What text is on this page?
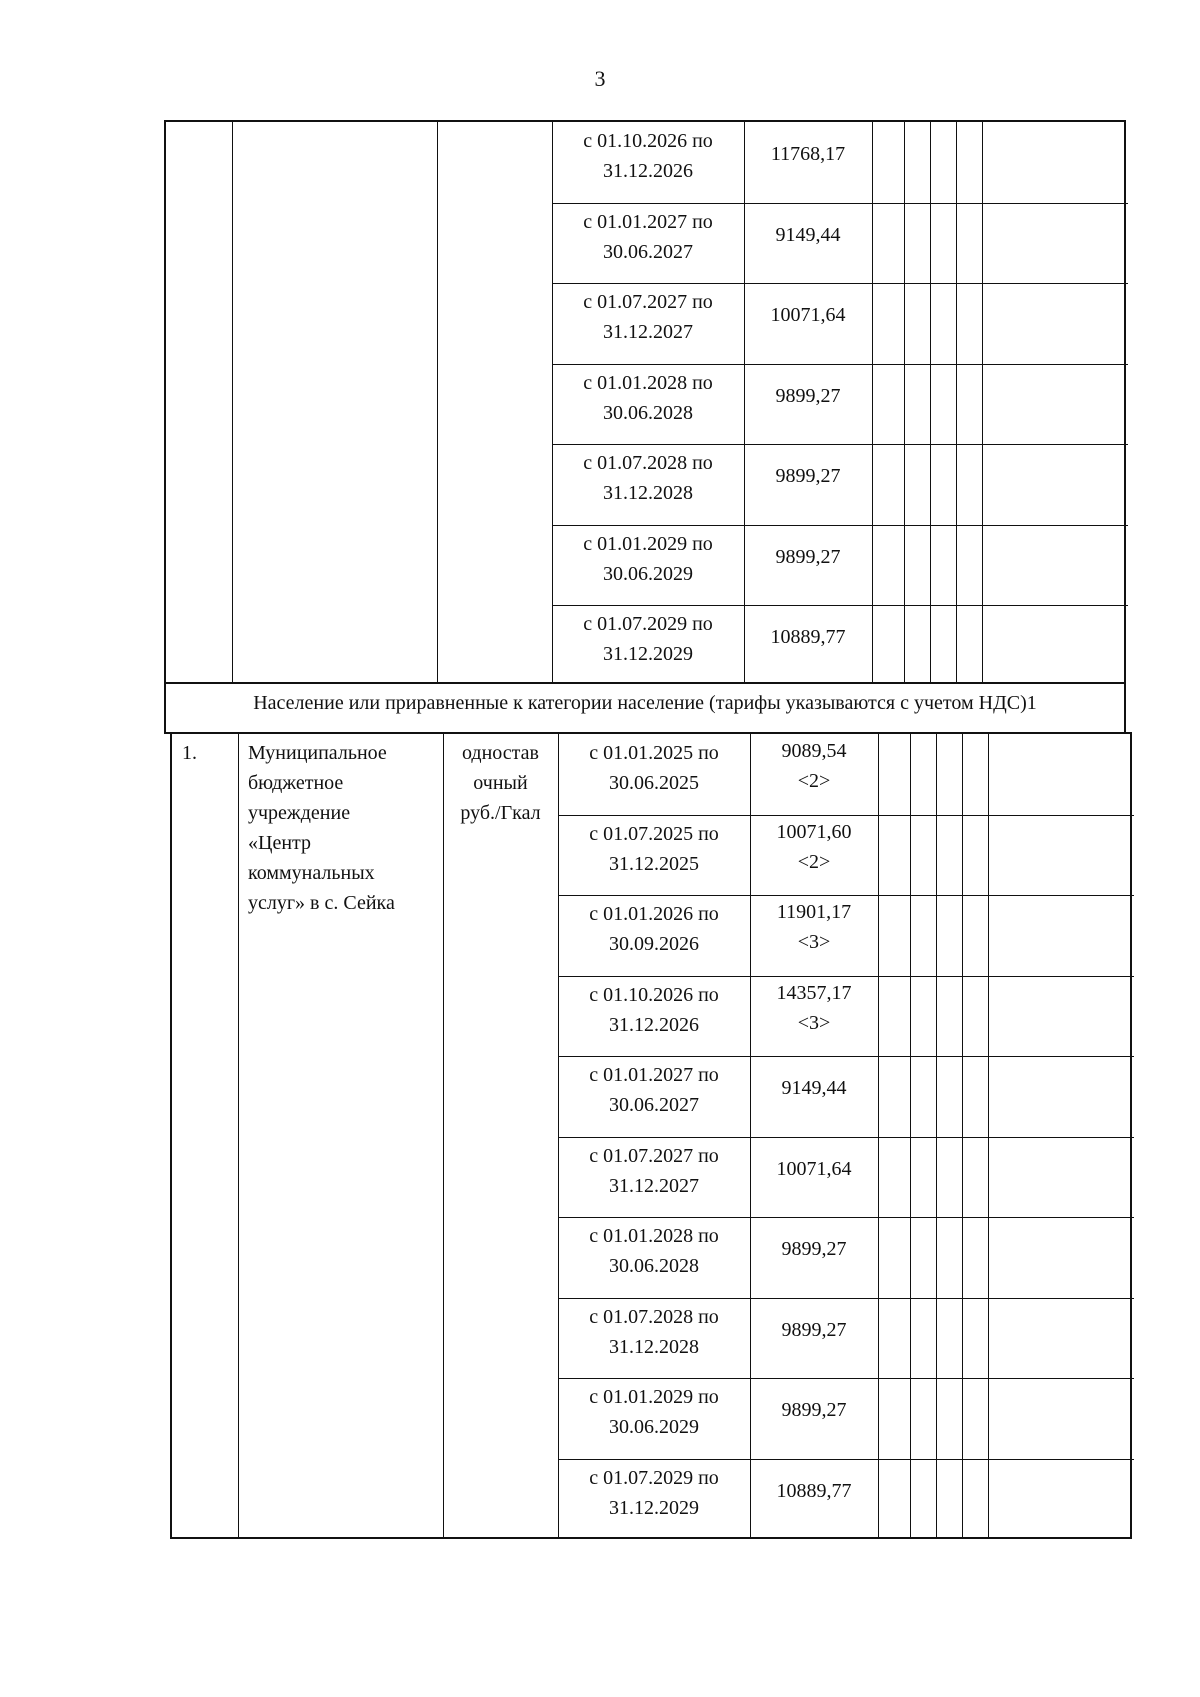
3
с 01.10.2026 по
31.12.2026
11768,17
с 01.01.2027 по
30.06.2027
9149,44
с 01.07.2027 по
31.12.2027
10071,64
с 01.01.2028 по
30.06.2028
9899,27
с 01.07.2028 по
31.12.2028
9899,27
с 01.01.2029 по
30.06.2029
9899,27
с 01.07.2029 по
31.12.2029
10889,77
Население или приравненные к категории население (тарифы указываются с учетом НДС)1
с 01.01.2025 по
30.06.2025
9089,54
<2>
с 01.07.2025 по
31.12.2025
10071,60
<2>
с 01.01.2026 по
30.09.2026
11901,17
<3>
с 01.10.2026 по
31.12.2026
14357,17
<3>
с 01.01.2027 по
30.06.2027
9149,44
с 01.07.2027 по
31.12.2027
10071,64
с 01.01.2028 по
30.06.2028
9899,27
с 01.07.2028 по
31.12.2028
9899,27
с 01.01.2029 по
30.06.2029
9899,27
с 01.07.2029 по
31.12.2029
10889,77
1.	Муниципальное
бюджетное
учреждение
«Центр
коммунальных
услуг» в с. Сейка
одностав
очный
руб./Гкал
